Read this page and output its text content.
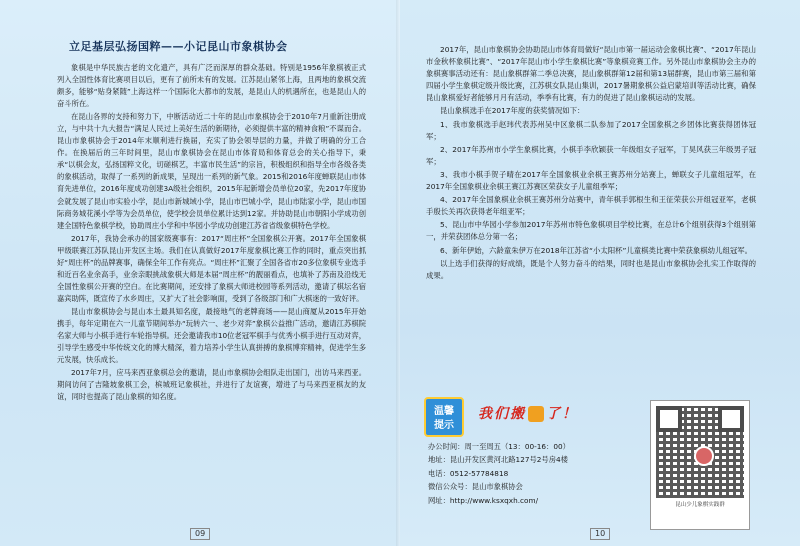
立足基层弘扬国粹——小记昆山市象棋协会

象棋是中华民族古老的文化遗产，具有广泛而深厚的群众基础。特别是1956年象棋被正式列入全国性体育比赛项目以后，更有了前所未有的发展。江苏昆山紧邻上海，且两地的象棋交流颇多，能够“贴身紧随”上海这样一个国际化大都市的发展，是昆山人的机遇所在，也是昆山人的奋斗所在。

在昆山各界的支持和努力下，中断活动近二十年的昆山市象棋协会于2010年7月重新注册成立，与中共十九大报告“满足人民过上美好生活的新期待，必须提供丰富的精神食粮”不谋而合。昆山市象棋协会于2014年末顺利进行换届，充实了协会领导层的力量，并做了明确的分工合作。在换届后的三年时间里，昆山市象棋协会在昆山市体育局和体育总会的关心指导下，秉承“以棋会友，弘扬国粹文化，切磋棋艺，丰富市民生活”的宗旨，积极组织和指导全市各级各类的象棋活动，取得了一系列的新成果，呈现出一系列的新气象。2015和2016年度蝉联昆山市体育先进单位，2016年度成功创建3A级社会组织，2015年起新增会员单位20家，先2017年度协会就发展了昆山市实验小学，昆山市新城域小学，昆山市巴城小学，昆山市陆家小学，昆山市国际商务城花溪小学等为会员单位，使学校会员单位累计达到12家。并协助昆山市朝阳小学成功创建全国特色象棋学校，协助周庄小学和中华园小学成功创建江苏省省级象棋特色学校。

2017年，我协会承办的国家级赛事有：2017“周庄杯”全国象棋公开赛。2017年全国象棋甲级联赛江苏队昆山开发区主场。我们在认真做好2017年度象棋比赛工作的同时，重点突出抓好“周庄杯”的品牌赛事，确保全年工作有亮点。“周庄杯”汇聚了全国各省市20多位象棋专业选手和近百名业余高手，业余亲眼挑战象棋大师是本届“周庄杯”的靓丽看点，也填补了苏南及沿线无全国性象棋公开赛的空白。在比赛期间，还安排了象棋大师进校园等系列活动，邀请了棋坛名宿嘉宾助阵，既宣传了水乡周庄，又扩大了社会影响面，受到了各级部门和广大棋迷的一致好评。

昆山市象棋协会与昆山本土最具知名度，最接地气的老牌商场——昆山商厦从2015年开始携手，每年定期在六一儿童节期间举办“玩转六一、老少对弈”象棋公益推广活动，邀请江苏棋院名家大师与小棋手进行车轮指导棋。还会邀请我市10位老冠军棋手与优秀小棋手进行互动对弈，引导学生感受中华传统文化的博大精深，着力培养小学生认真拼搏的象棋博弈精神，促进学生多元发展，快乐成长。

2017年7月，应马来西亚象棋总会的邀请，昆山市象棋协会组队走出国门，出访马来西亚。期间访问了吉隆坡象棋工会，槟城班记象棋社，并进行了友谊赛，增进了与马来西亚棋友的友谊，同时也提高了昆山象棋的知名度。

09

2017年，昆山市象棋协会协助昆山市体育局做好“昆山市第一届运动会象棋比赛”、“2017年昆山市金秋杯象棋比赛”、“2017年昆山市小学生象棋比赛”等象棋竞赛工作。另外昆山市象棋协会主办的象棋赛事活动还有：昆山象棋群第二季总决赛，昆山象棋群第12届和第13届群赛，昆山市第三届和第四届小学生象棋定级升级比赛，江苏棋女队昆山集训，2017暑期象棋公益启蒙培训等活动比赛，确保昆山象棋爱好者能够月月有活动，季季有比赛，有力的促进了昆山象棋运动的发展。

昆山象棋选手在2017年度的获奖情况如下：

1、我市象棋选手赵玮代表苏州吴中区象棋二队参加了2017全国象棋之乡团体比赛获得团体冠军；

2、2017年苏州市小学生象棋比赛，小棋手李欣颖获一年级组女子冠军，丁昊风获三年级男子冠军；

3、我市小棋手贺子晴在2017年全国象棋业余棋王赛苏州分站赛上，蝉联女子儿童组冠军，在2017年全国象棋业余棋王赛江苏赛区荣获女子儿童组季军；

4、2017年全国象棋业余棋王赛苏州分站赛中，青年棋手郭根生和王征荣获公开组冠亚军，老棋手殷长关再次获得老年组亚军；

5、昆山市中华园小学参加2017年苏州市特色象棋项目学校比赛，在总计6个组别获得3个组别第一，并荣获团体总分第一名；

6、新年伊始，六龄童朱伊万在2018年江苏省“小太阳杯”儿童棋类比赛中荣获象棋幼儿组冠军。

以上选手们获得的好成绩，既是个人努力奋斗的结果，同时也是昆山市象棋协会扎实工作取得的成果。

10
温馨
提示
我们搬 了！
办公时间：周一至周五（13：00-16：00）
地址：昆山开发区黄河北路127号2号房4楼
电话：0512-57784818
微信公众号：昆山市象棋协会
网址：http://www.ksxqxh.com/
昆山少儿象棋实践群
